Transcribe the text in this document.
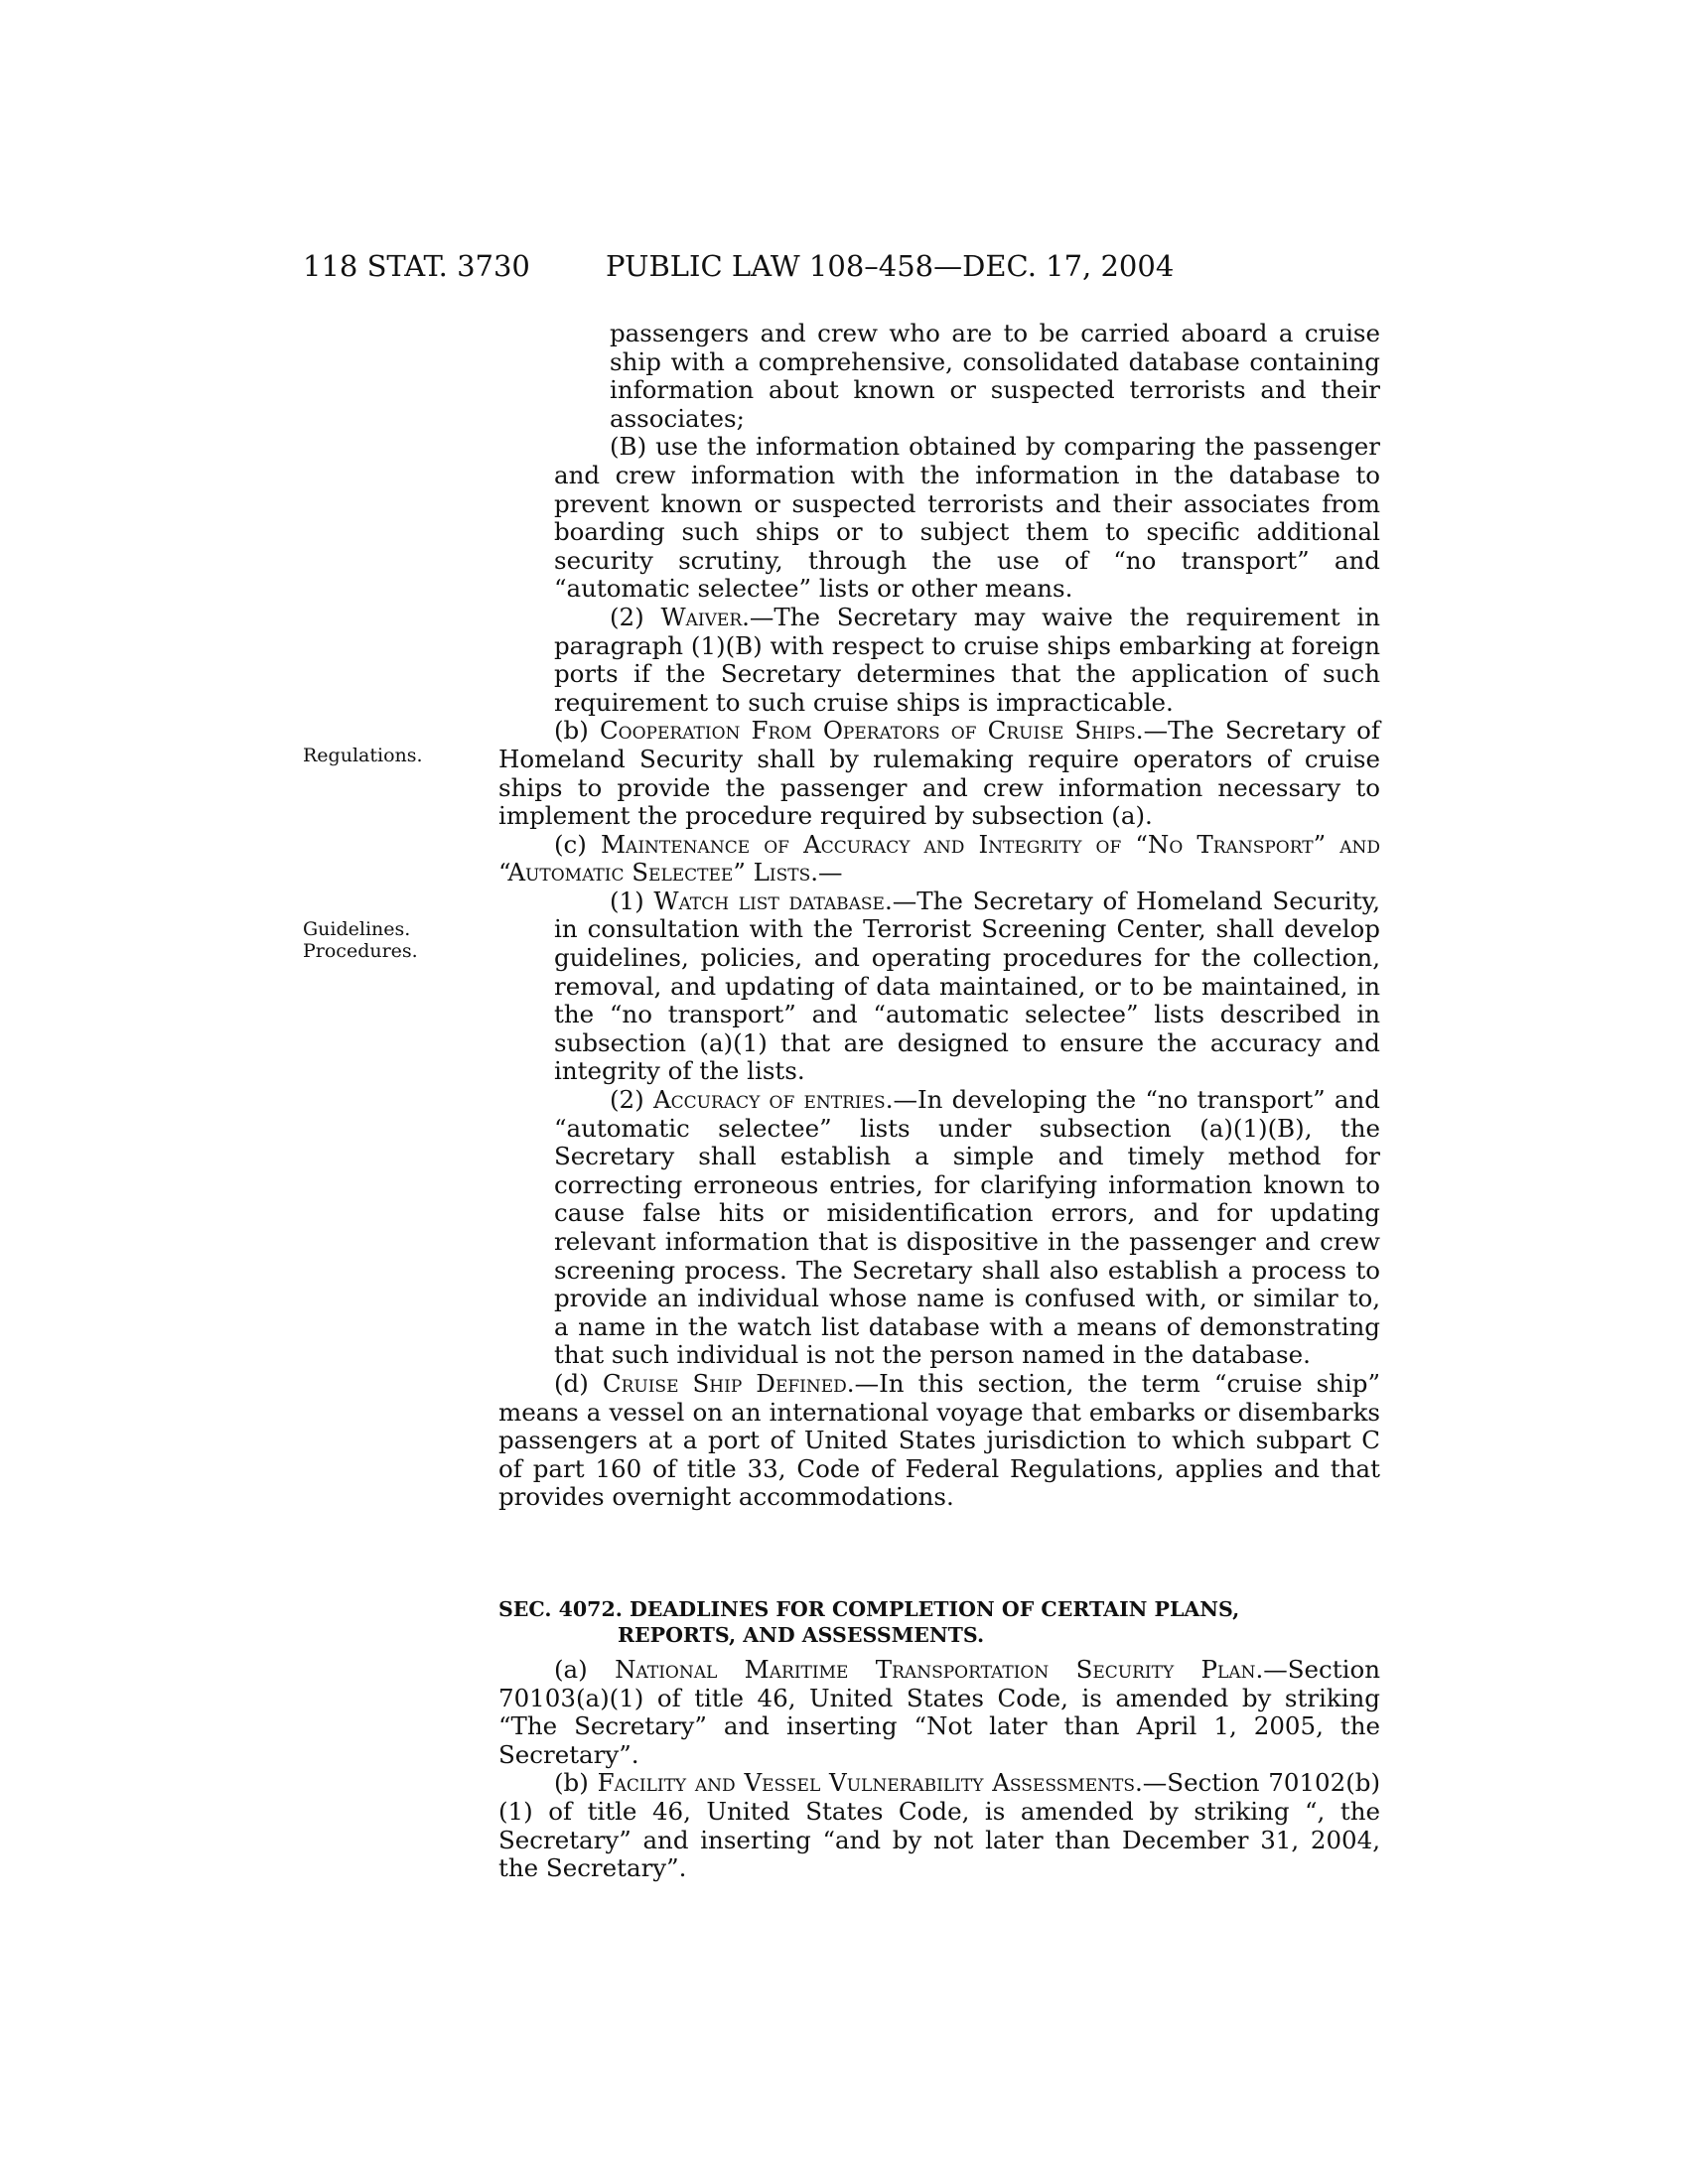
118 STAT. 3730	PUBLIC LAW 108–458—DEC. 17, 2004
Regulations.
Guidelines.
Procedures.

passengers and crew who are to be carried aboard a cruise ship with a comprehensive, consolidated database containing information about known or suspected terrorists and their associates;

(B) use the information obtained by comparing the passenger and crew information with the information in the database to prevent known or suspected terrorists and their associates from boarding such ships or to subject them to specific additional security scrutiny, through the use of “no transport” and “automatic selectee” lists or other means.

(2) Waiver.—The Secretary may waive the requirement in paragraph (1)(B) with respect to cruise ships embarking at foreign ports if the Secretary determines that the application of such requirement to such cruise ships is impracticable.

(b) Cooperation From Operators of Cruise Ships.—The Secretary of Homeland Security shall by rulemaking require operators of cruise ships to provide the passenger and crew information necessary to implement the procedure required by subsection (a).

(c) Maintenance of Accuracy and Integrity of “No Transport” and “Automatic Selectee” Lists.—

(1) Watch list database.—The Secretary of Homeland Security, in consultation with the Terrorist Screening Center, shall develop guidelines, policies, and operating procedures for the collection, removal, and updating of data maintained, or to be maintained, in the “no transport” and “automatic selectee” lists described in subsection (a)(1) that are designed to ensure the accuracy and integrity of the lists.

(2) Accuracy of entries.—In developing the “no transport” and “automatic selectee” lists under subsection (a)(1)(B), the Secretary shall establish a simple and timely method for correcting erroneous entries, for clarifying information known to cause false hits or misidentification errors, and for updating relevant information that is dispositive in the passenger and crew screening process. The Secretary shall also establish a process to provide an individual whose name is confused with, or similar to, a name in the watch list database with a means of demonstrating that such individual is not the person named in the database.

(d) Cruise Ship Defined.—In this section, the term “cruise ship” means a vessel on an international voyage that embarks or disembarks passengers at a port of United States jurisdiction to which subpart C of part 160 of title 33, Code of Federal Regulations, applies and that provides overnight accommodations.

SEC. 4072. DEADLINES FOR COMPLETION OF CERTAIN PLANS,
REPORTS, AND ASSESSMENTS.

(a) National Maritime Transportation Security Plan.—Section 70103(a)(1) of title 46, United States Code, is amended by striking “The Secretary” and inserting “Not later than April 1, 2005, the Secretary”.

(b) Facility and Vessel Vulnerability Assessments.—Section 70102(b)(1) of title 46, United States Code, is amended by striking “, the Secretary” and inserting “and by not later than December 31, 2004, the Secretary”.
